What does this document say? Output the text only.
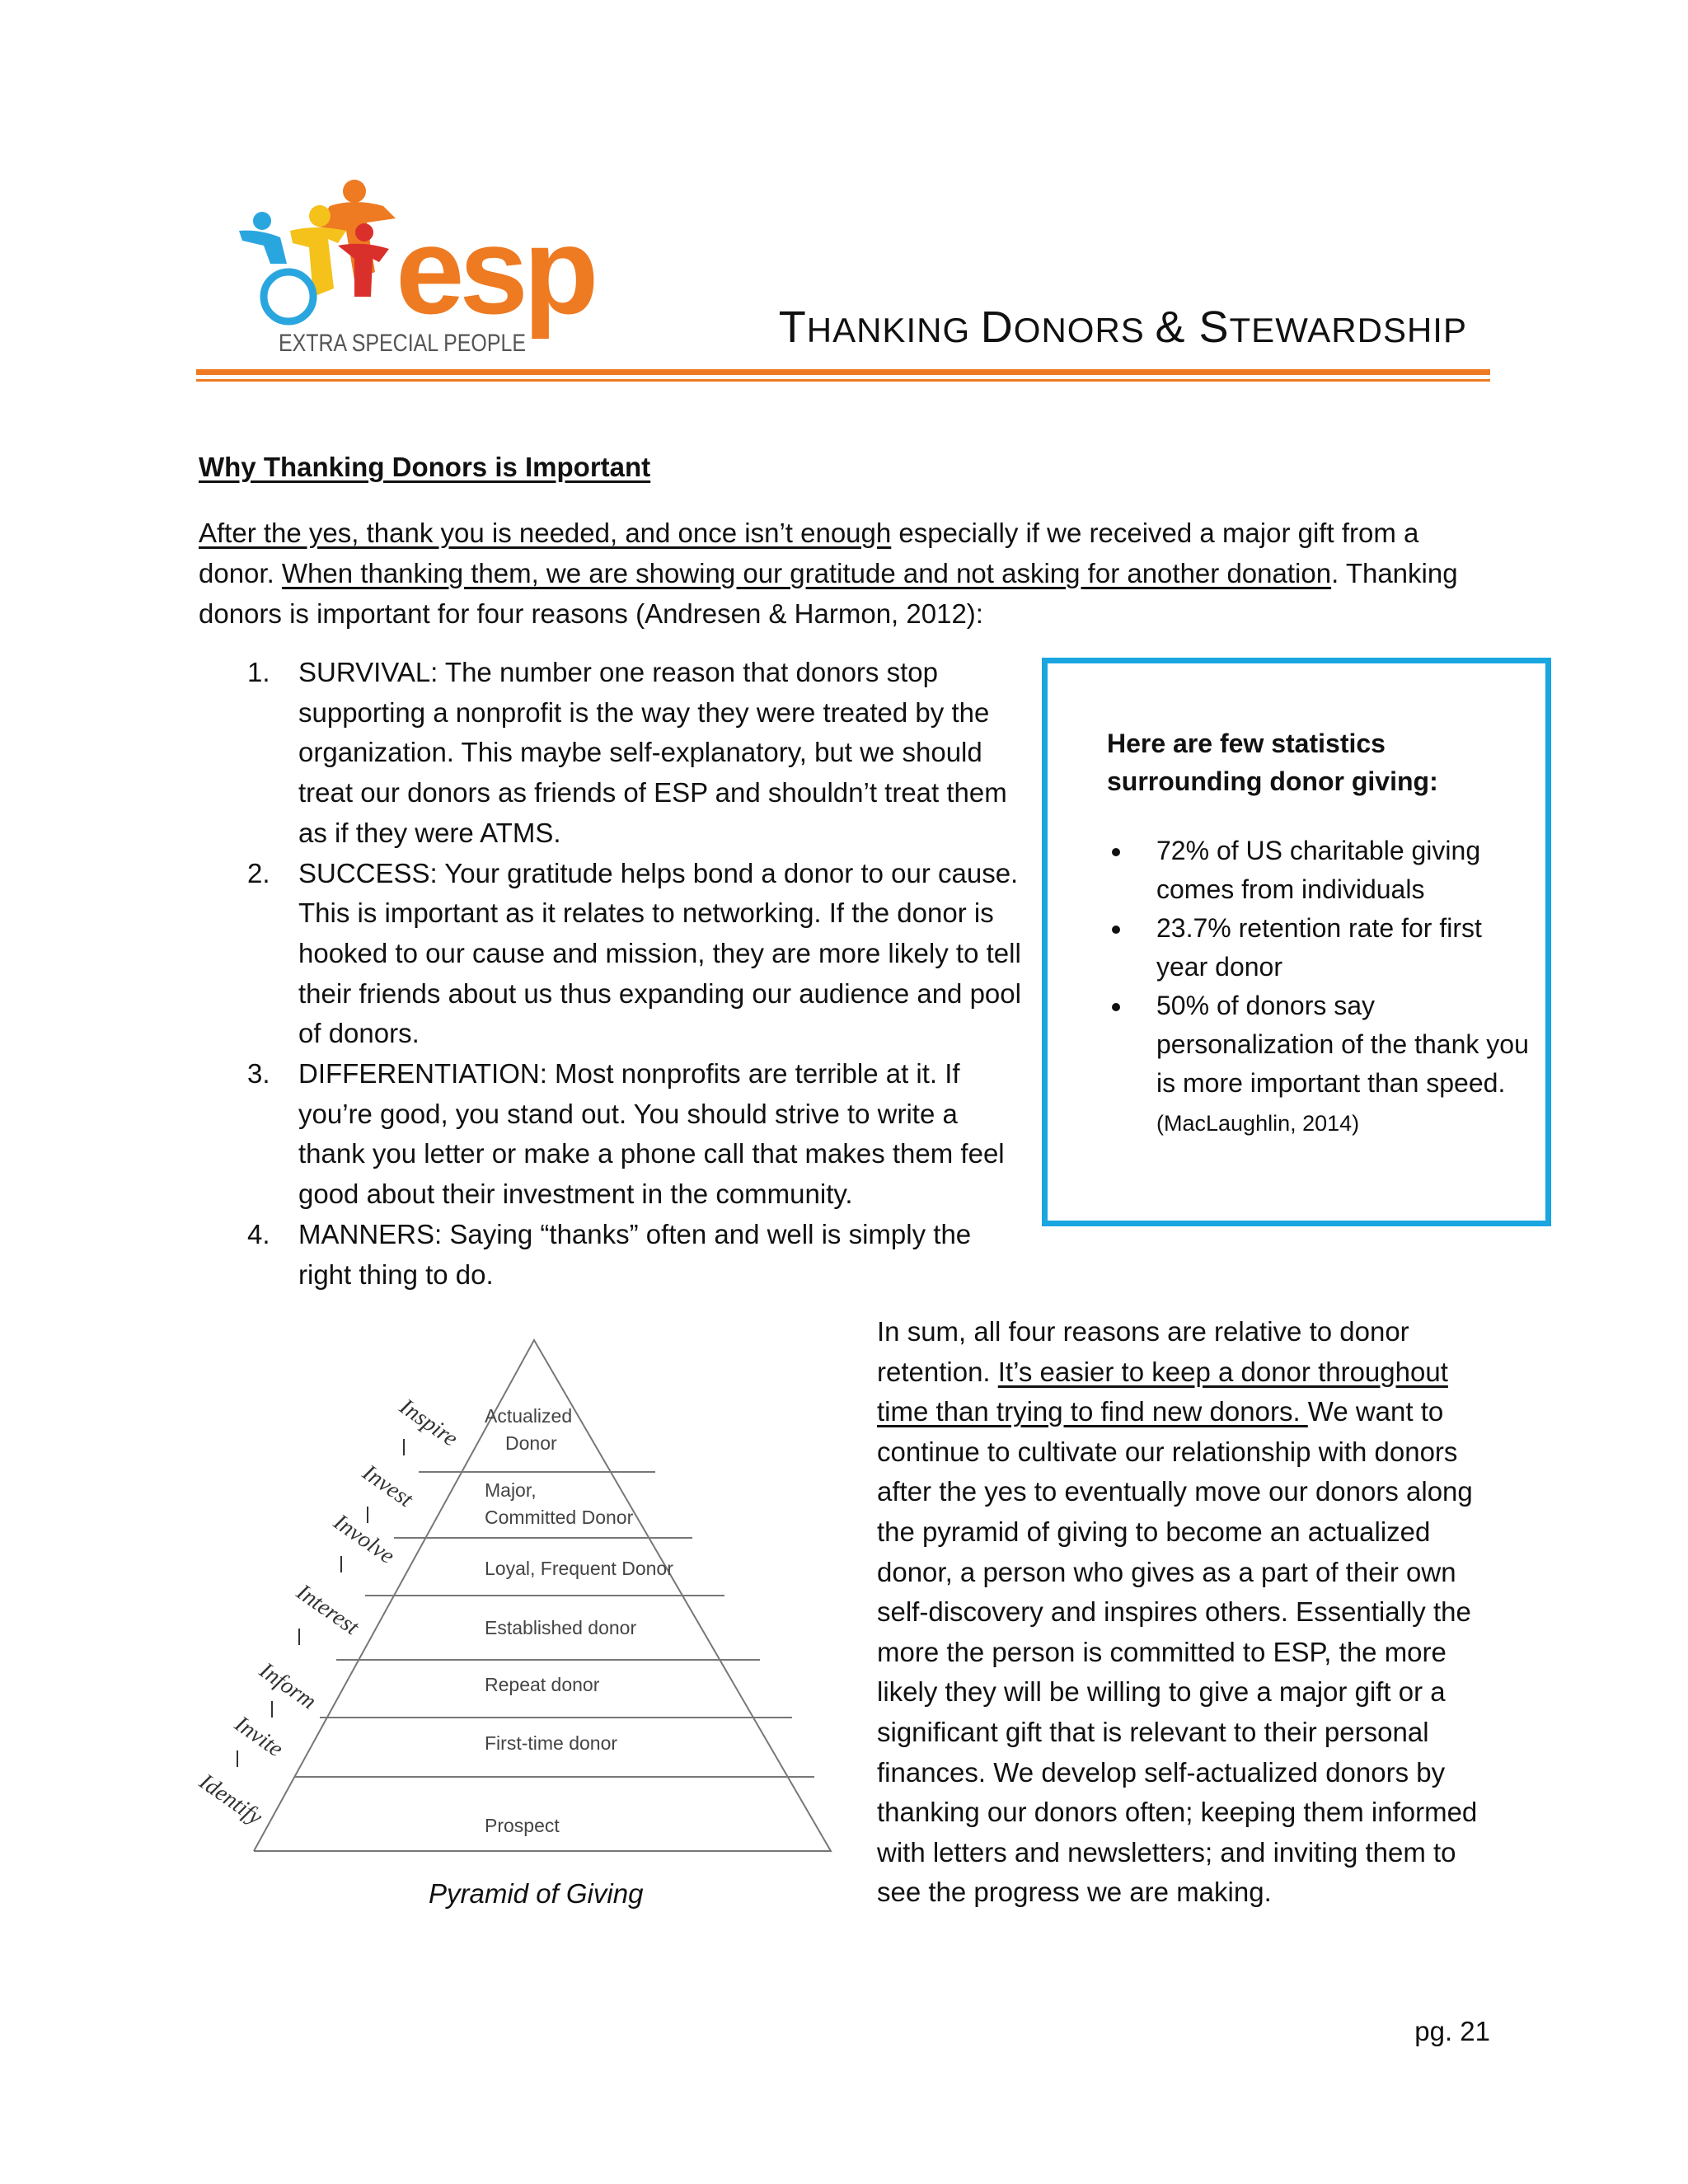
esp
EXTRA SPECIAL PEOPLE	THANKING DONORS & STEWARDSHIP
Why Thanking Donors is Important
After the yes, thank you is needed, and once isn’t enough especially if we received a major gift from a donor. When thanking them, we are showing our gratitude and not asking for another donation. Thanking donors is important for four reasons (Andresen & Harmon, 2012):
1. SURVIVAL: The number one reason that donors stop supporting a nonprofit is the way they were treated by the organization. This maybe self-explanatory, but we should treat our donors as friends of ESP and shouldn’t treat them as if they were ATMS.
2. SUCCESS: Your gratitude helps bond a donor to our cause. This is important as it relates to networking. If the donor is hooked to our cause and mission, they are more likely to tell their friends about us thus expanding our audience and pool of donors.
3. DIFFERENTIATION: Most nonprofits are terrible at it. If you’re good, you stand out. You should strive to write a thank you letter or make a phone call that makes them feel good about their investment in the community.
4. MANNERS: Saying “thanks” often and well is simply the right thing to do.
Here are few statistics surrounding donor giving:
72% of US charitable giving comes from individuals
23.7% retention rate for first year donor
50% of donors say personalization of the thank you is more important than speed. (MacLaughlin, 2014)
Actualized
Donor
Major,
Committed Donor
Loyal, Frequent Donor
Established donor
Repeat donor
First-time donor
Prospect
Inspire
Invest
Involve
Interest
Inform
Invite
Identify
Pyramid of Giving
In sum, all four reasons are relative to donor retention. It’s easier to keep a donor throughout time than trying to find new donors. We want to continue to cultivate our relationship with donors after the yes to eventually move our donors along the pyramid of giving to become an actualized donor, a person who gives as a part of their own self-discovery and inspires others. Essentially the more the person is committed to ESP, the more likely they will be willing to give a major gift or a significant gift that is relevant to their personal finances. We develop self-actualized donors by thanking our donors often; keeping them informed with letters and newsletters; and inviting them to see the progress we are making.
pg. 21
